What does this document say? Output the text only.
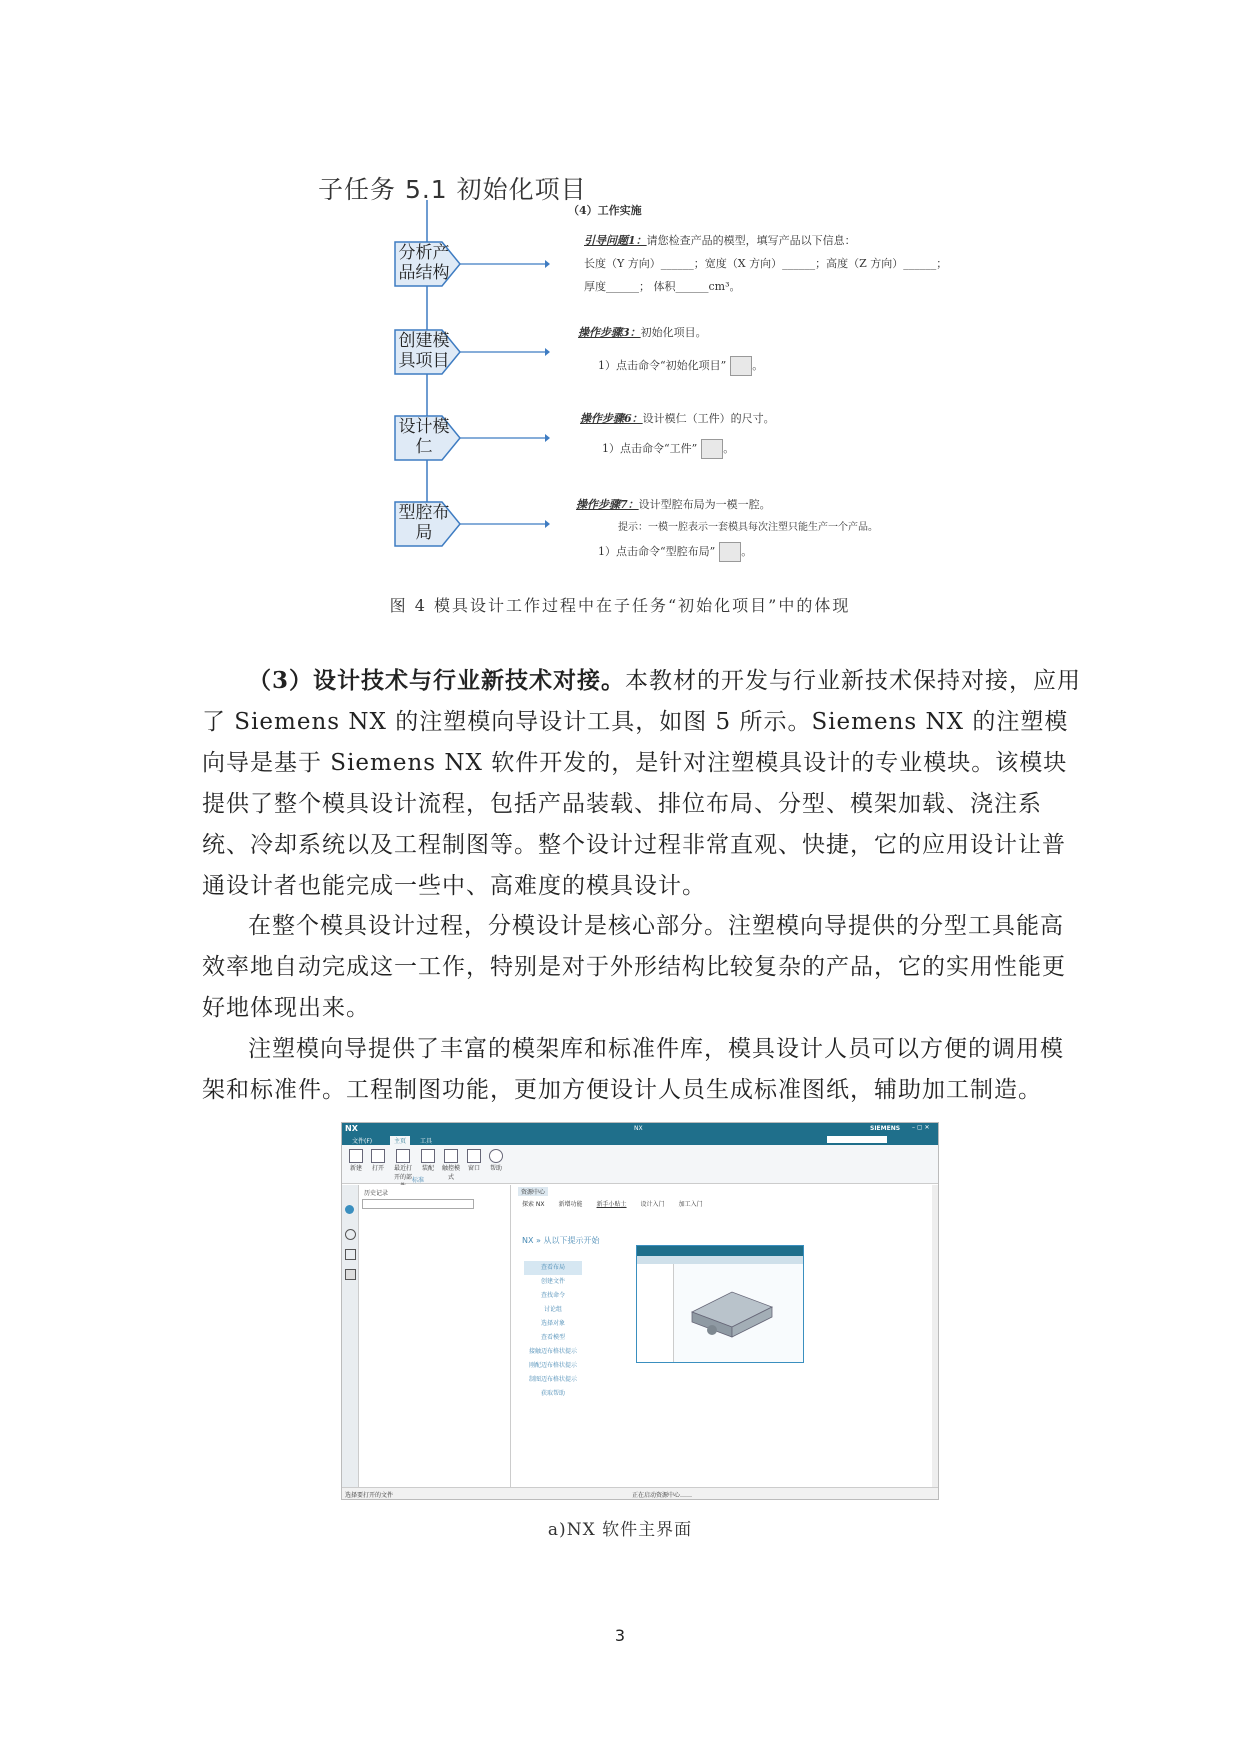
子任务 5.1 初始化项目
分析产
品结构
创建模
具项目
设计模
仁
型腔布
局
（4）工作实施
引导问题1：请您检查产品的模型，填写产品以下信息：
长度（Y 方向）______；宽度（X 方向）______；高度（Z 方向）______；
厚度______； 体积______cm³。
操作步骤3：初始化项目。
1）点击命令“初始化项目” 。
操作步骤6：设计模仁（工件）的尺寸。
1）点击命令“工件” 。
操作步骤7：设计型腔布局为一模一腔。
提示：一模一腔表示一套模具每次注塑只能生产一个产品。
1）点击命令“型腔布局” 。
图 4 模具设计工作过程中在子任务“初始化项目”中的体现
（3）设计技术与行业新技术对接。本教材的开发与行业新技术保持对接，应用了 Siemens NX 的注塑模向导设计工具，如图 5 所示。Siemens NX 的注塑模向导是基于 Siemens NX 软件开发的，是针对注塑模具设计的专业模块。该模块提供了整个模具设计流程，包括产品装载、排位布局、分型、模架加载、浇注系统、冷却系统以及工程制图等。整个设计过程非常直观、快捷，它的应用设计让普通设计者也能完成一些中、高难度的模具设计。
在整个模具设计过程，分模设计是核心部分。注塑模向导提供的分型工具能高效率地自动完成这一工作，特别是对于外形结构比较复杂的产品，它的实用性能更好地体现出来。
注塑模向导提供了丰富的模架库和标准件库，模具设计人员可以方便的调用模架和标准件。工程制图功能，更加方便设计人员生成标准图纸，辅助加工制造。
NX	NX	SIEMENS – ▢ ✕
文件(F)	主页	工具
新建	打开	最近打开的部
装配	触控模式
窗口	帮助
标准
历史记录	资源中心
探索 NX 新增功能 新手小贴士 设计入门 加工入门
NX » 从以下提示开始
查看布局
创建文件
查找命令
讨论组
选择对象
查看模型
接触迈布格状提示
刚配迈布格状提示
制图迈布格状提示
获取帮助
选择要打开的文件	正在启动资源中心……
a)NX 软件主界面
3
